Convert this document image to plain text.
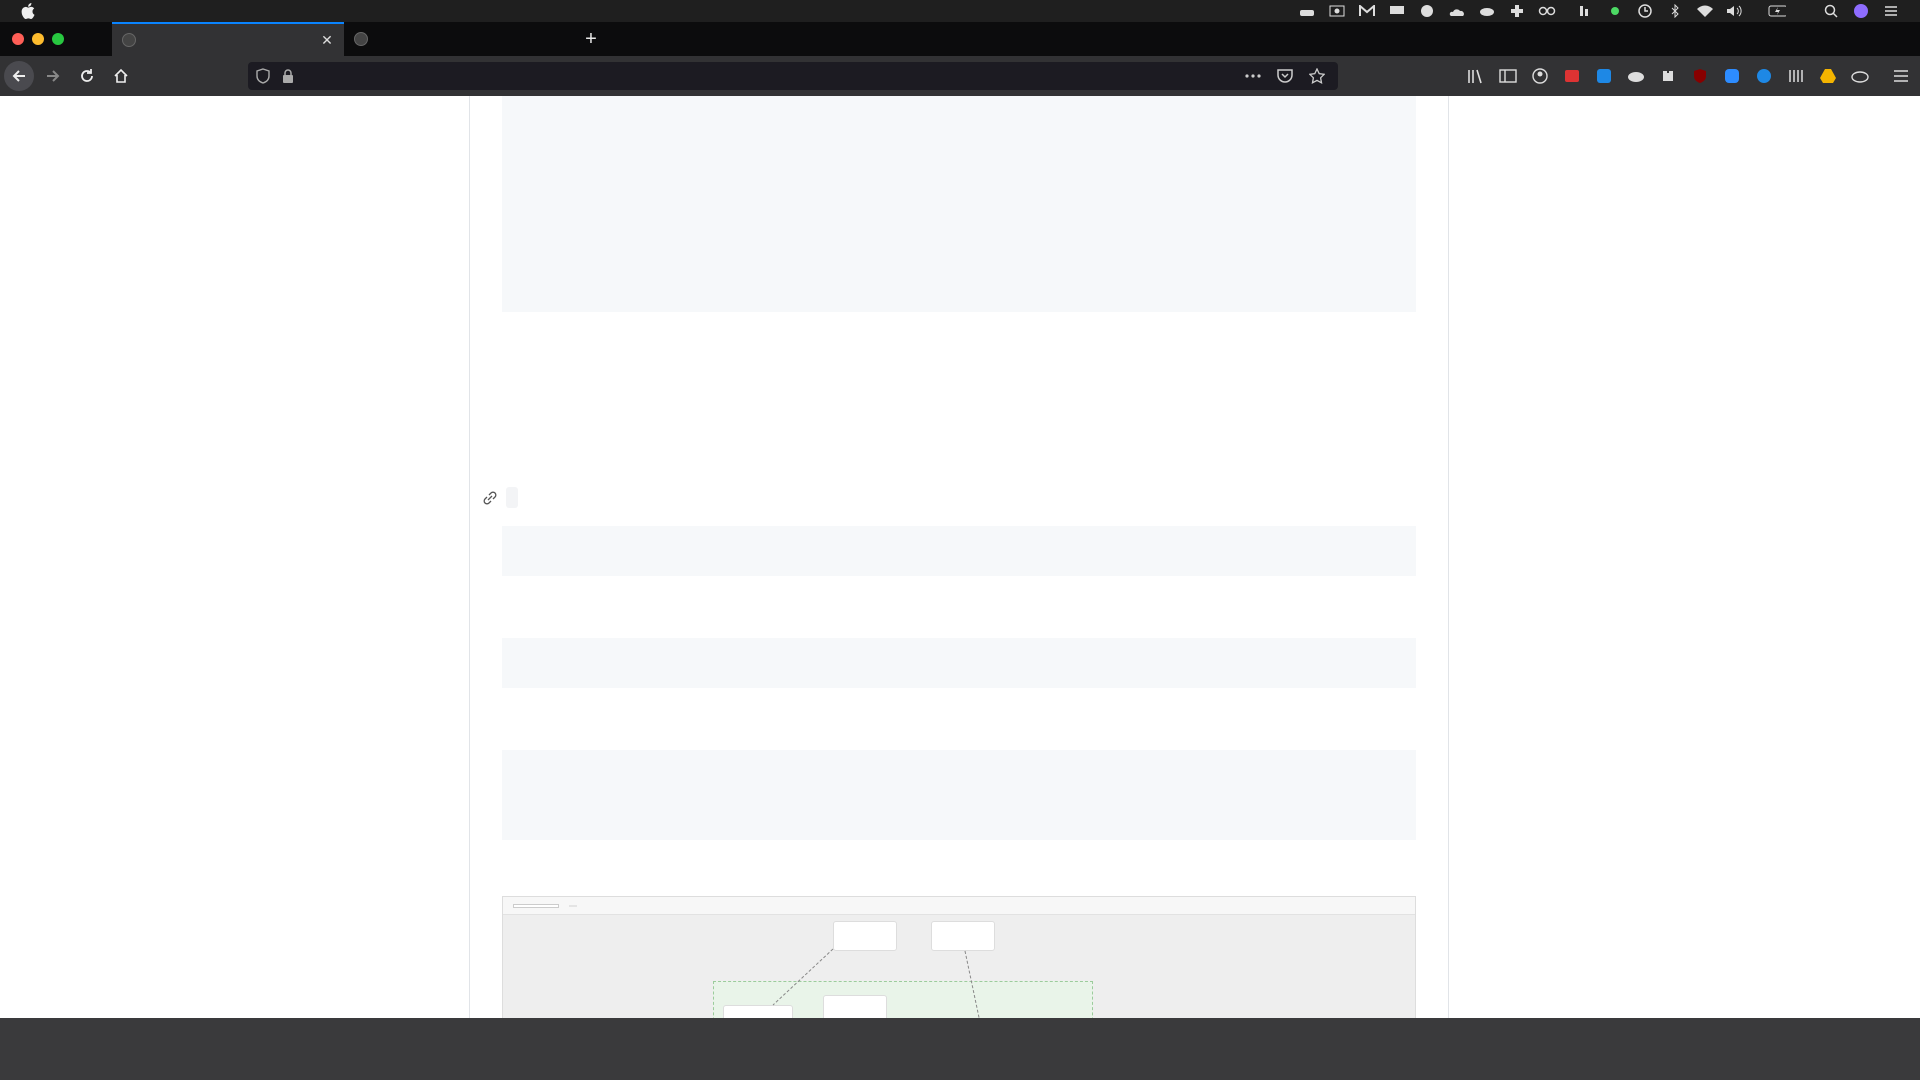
✕	+
